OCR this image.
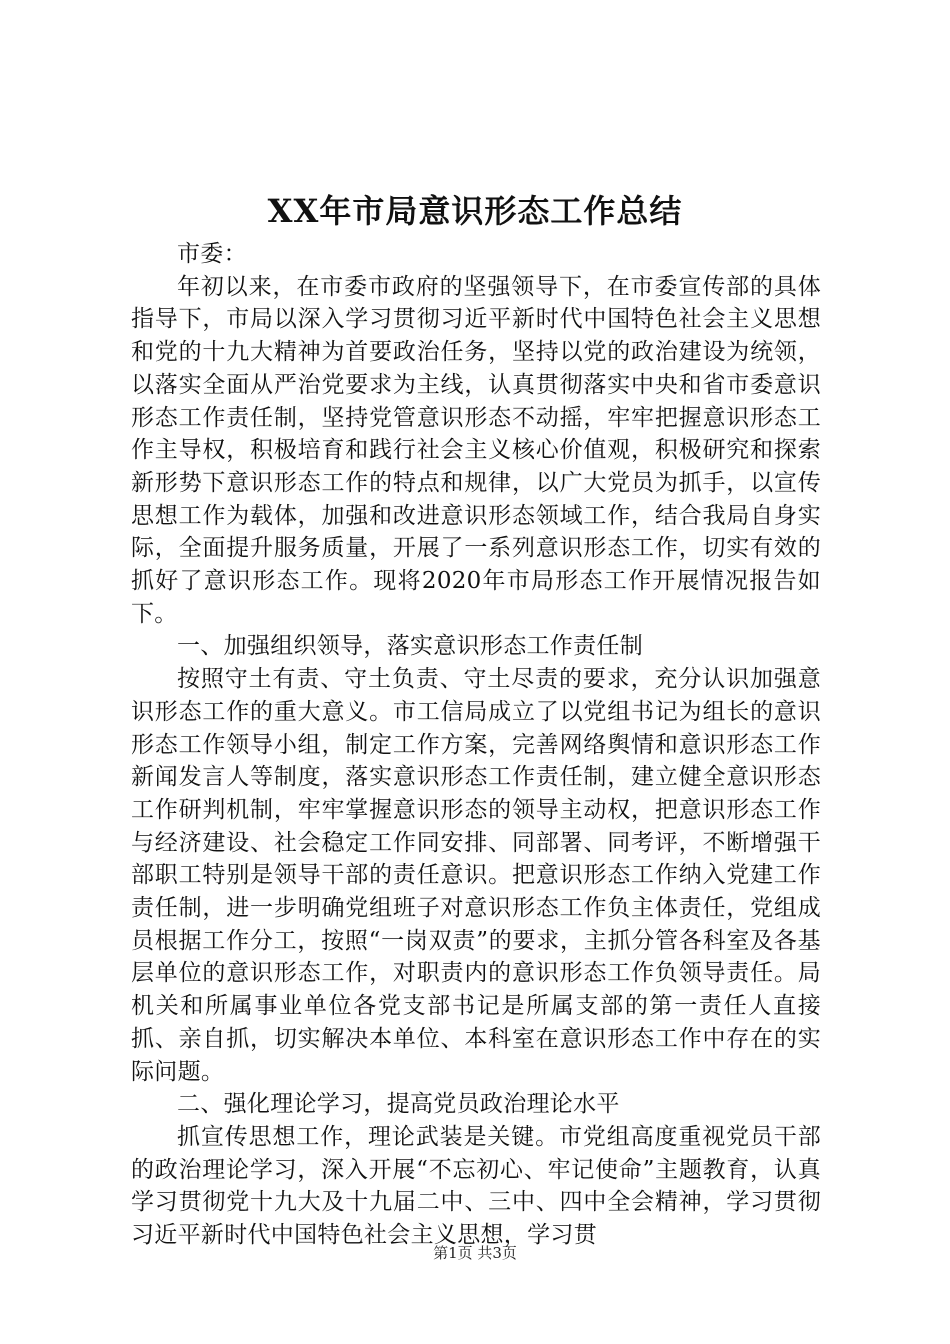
XX年市局意识形态工作总结

市委：

年初以来，在市委市政府的坚强领导下，在市委宣传部的具体指导下，市局以深入学习贯彻习近平新时代中国特色社会主义思想和党的十九大精神为首要政治任务，坚持以党的政治建设为统领，以落实全面从严治党要求为主线，认真贯彻落实中央和省市委意识形态工作责任制，坚持党管意识形态不动摇，牢牢把握意识形态工作主导权，积极培育和践行社会主义核心价值观，积极研究和探索新形势下意识形态工作的特点和规律，以广大党员为抓手，以宣传思想工作为载体，加强和改进意识形态领域工作，结合我局自身实际，全面提升服务质量，开展了一系列意识形态工作，切实有效的抓好了意识形态工作。现将2020年市局形态工作开展情况报告如下。

一、加强组织领导，落实意识形态工作责任制

按照守土有责、守土负责、守土尽责的要求，充分认识加强意识形态工作的重大意义。市工信局成立了以党组书记为组长的意识形态工作领导小组，制定工作方案，完善网络舆情和意识形态工作新闻发言人等制度，落实意识形态工作责任制，建立健全意识形态工作研判机制，牢牢掌握意识形态的领导主动权，把意识形态工作与经济建设、社会稳定工作同安排、同部署、同考评，不断增强干部职工特别是领导干部的责任意识。把意识形态工作纳入党建工作责任制，进一步明确党组班子对意识形态工作负主体责任，党组成员根据工作分工，按照“一岗双责”的要求，主抓分管各科室及各基层单位的意识形态工作，对职责内的意识形态工作负领导责任。局机关和所属事业单位各党支部书记是所属支部的第一责任人直接抓、亲自抓，切实解决本单位、本科室在意识形态工作中存在的实际问题。

二、强化理论学习，提高党员政治理论水平

抓宣传思想工作，理论武装是关键。市党组高度重视党员干部的政治理论学习，深入开展“不忘初心、牢记使命”主题教育，认真学习贯彻党十九大及十九届二中、三中、四中全会精神，学习贯彻习近平新时代中国特色社会主义思想，学习贯

第1页 共3页
